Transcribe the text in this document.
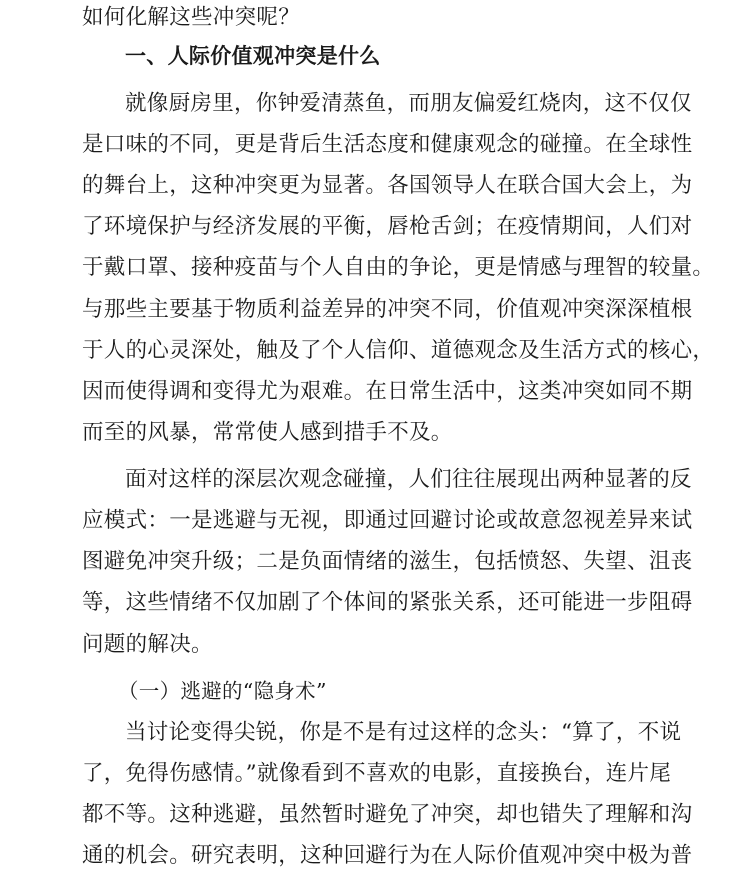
如何化解这些冲突呢？
一、人际价值观冲突是什么
就像厨房里，你钟爱清蒸鱼，而朋友偏爱红烧肉，这不仅仅
是口味的不同，更是背后生活态度和健康观念的碰撞。在全球性
的舞台上，这种冲突更为显著。各国领导人在联合国大会上，为
了环境保护与经济发展的平衡，唇枪舌剑；在疫情期间，人们对
于戴口罩、接种疫苗与个人自由的争论，更是情感与理智的较量。
与那些主要基于物质利益差异的冲突不同，价值观冲突深深植根
于人的心灵深处，触及了个人信仰、道德观念及生活方式的核心，
因而使得调和变得尤为艰难。在日常生活中，这类冲突如同不期
而至的风暴，常常使人感到措手不及。
面对这样的深层次观念碰撞，人们往往展现出两种显著的反
应模式：一是逃避与无视，即通过回避讨论或故意忽视差异来试
图避免冲突升级；二是负面情绪的滋生，包括愤怒、失望、沮丧
等，这些情绪不仅加剧了个体间的紧张关系，还可能进一步阻碍
问题的解决。
（一）逃避的“隐身术”
当讨论变得尖锐，你是不是有过这样的念头：“算了，不说
了，免得伤感情。”就像看到不喜欢的电影，直接换台，连片尾
都不等。这种逃避，虽然暂时避免了冲突，却也错失了理解和沟
通的机会。研究表明，这种回避行为在人际价值观冲突中极为普
